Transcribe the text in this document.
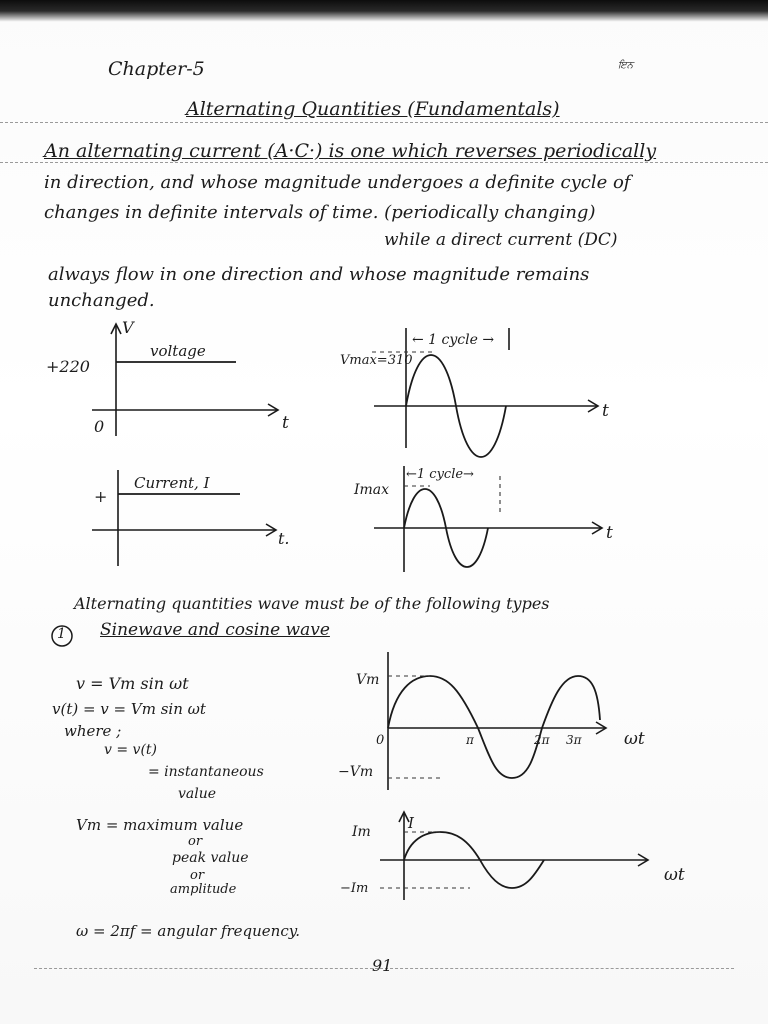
ਇਨ
Chapter-5
Alternating Quantities (Fundamentals)
An alternating current (A·C·) is one which reverses periodically
in direction, and whose magnitude undergoes a definite cycle of
changes in definite intervals of time. (periodically changing)
while a direct current (DC)
always flow in one direction and whose magnitude remains
unchanged.
V
+220
voltage
0	t
← 1 cycle →
Vmax=310
t
+
Current, I
t.
←1 cycle→
Imax
t
Vm
0	π	2π 3π ωt
−Vm
Im I
ωt
−Im
Alternating quantities wave must be of the following types
1 Sinewave and cosine wave
v = Vm sin ωt
v(t) = v = Vm sin ωt
where ;
v = v(t)
= instantaneous
value
Vm = maximum value
or
peak value
or
amplitude
ω = 2πf = angular frequency.
91
